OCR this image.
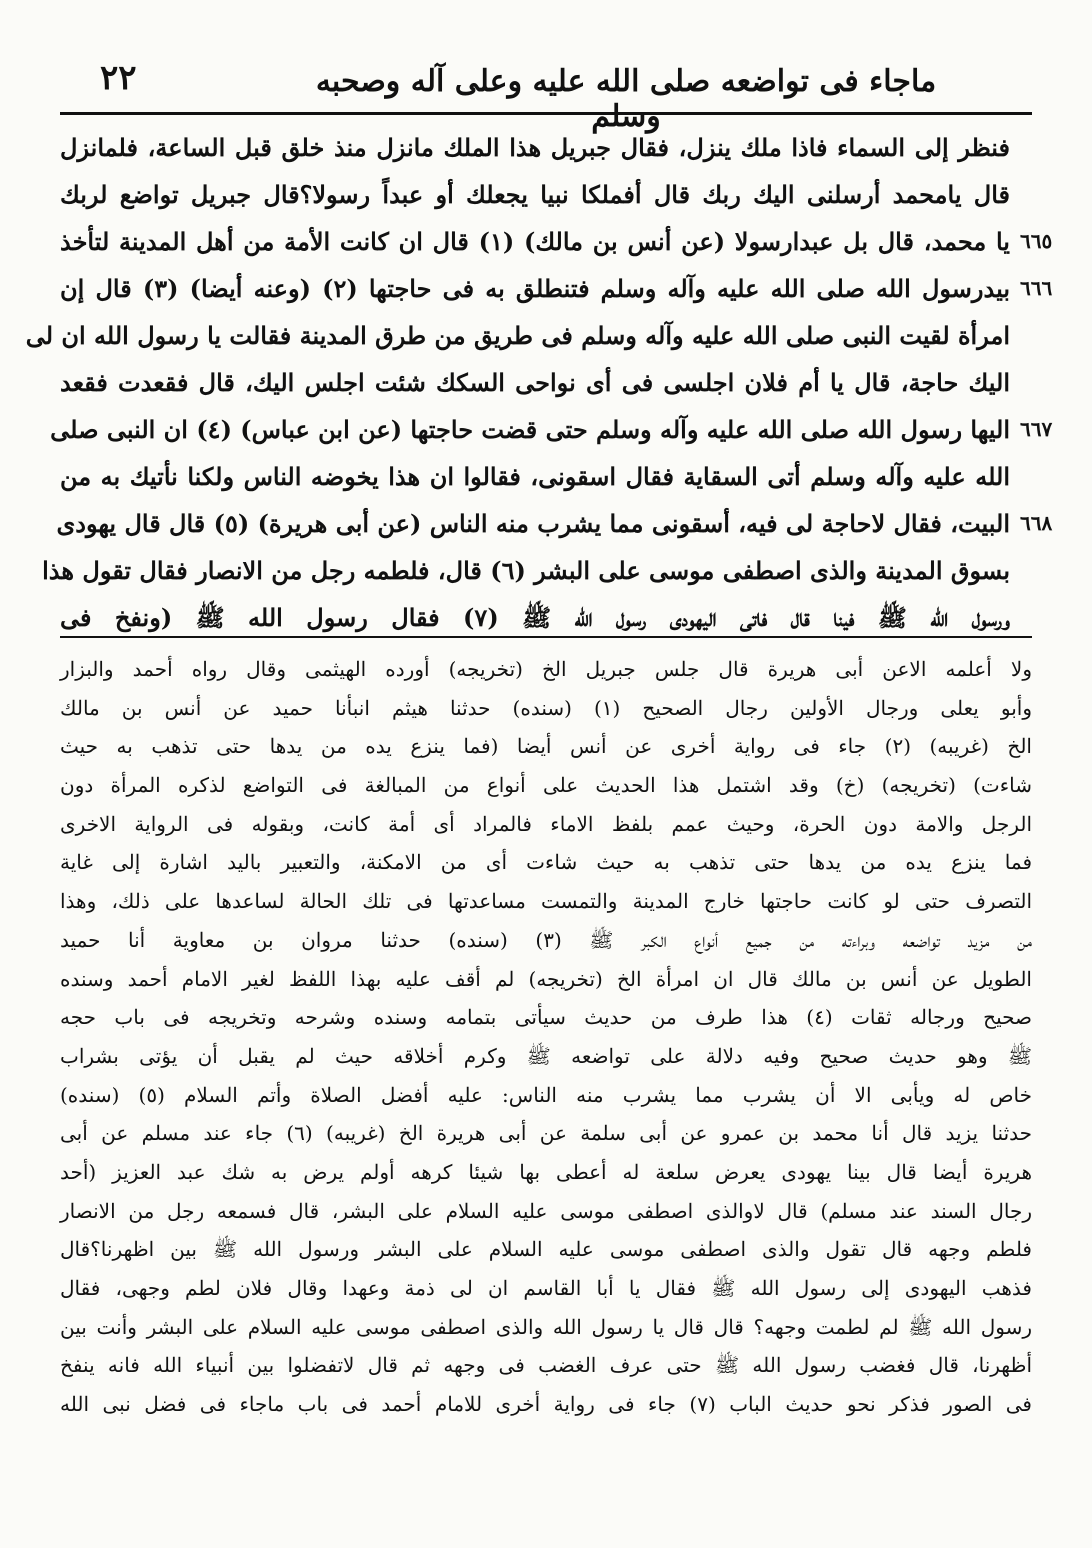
٢٢	ماجاء فى تواضعه صلى الله عليه وعلى آله وصحبه وسلم
فنظر إلى السماء فاذا ملك ينزل، فقال جبريل هذا الملك مانزل منذ خلق قبل الساعة، فلمانزل
قال يامحمد أرسلنى اليك ربك قال أفملكا نبيا يجعلك أو عبداً رسولا؟قال جبريل تواضع لربك
يا محمد، قال بل عبدارسولا (عن أنس بن مالك) (١) قال ان كانت الأمة من أهل المدينة لتأخذ ٦٦٥
بيدرسول الله صلى الله عليه وآله وسلم فتنطلق به فى حاجتها (٢) (وعنه أيضا) (٣) قال إن ٦٦٦
امرأة لقيت النبى صلى الله عليه وآله وسلم فى طريق من طرق المدينة فقالت يا رسول الله ان لى
اليك حاجة، قال يا أم فلان اجلسى فى أى نواحى السكك شئت اجلس اليك، قال فقعدت فقعد
اليها رسول الله صلى الله عليه وآله وسلم حتى قضت حاجتها (عن ابن عباس) (٤) ان النبى صلى ٦٦٧
الله عليه وآله وسلم أتى السقاية فقال اسقونى، فقالوا ان هذا يخوضه الناس ولكنا نأتيك به من
البيت، فقال لاحاجة لى فيه، أسقونى مما يشرب منه الناس (عن أبى هريرة) (٥) قال قال يهودى ٦٦٨
بسوق المدينة والذى اصطفى موسى على البشر (٦) قال، فلطمه رجل من الانصار فقال تقول هذا
ورسول الله ﷺ فينا قال فاتى اليهودى رسول الله ﷺ (٧) فقال رسول الله ﷺ (ونفخ فى
ولا أعلمه الاعن أبى هريرة قال جلس جبريل الخ (تخريجه) أورده الهيثمى وقال رواه أحمد والبزار
وأبو يعلى ورجال الأولين رجال الصحيح (١) (سنده) حدثنا هيثم انبأنا حميد عن أنس بن مالك
الخ (غريبه) (٢) جاء فى رواية أخرى عن أنس أيضا (فما ينزع يده من يدها حتى تذهب به حيث
شاءت) (تخريجه) (خ) وقد اشتمل هذا الحديث على أنواع من المبالغة فى التواضع لذكره المرأة دون
الرجل والامة دون الحرة، وحيث عمم بلفظ الاماء فالمراد أى أمة كانت، وبقوله فى الرواية الاخرى
فما ينزع يده من يدها حتى تذهب به حيث شاءت أى من الامكنة، والتعبير باليد اشارة إلى غاية
التصرف حتى لو كانت حاجتها خارج المدينة والتمست مساعدتها فى تلك الحالة لساعدها على ذلك، وهذا
من مزيد تواضعه وبراءته من جميع أنواع الكبر ﷺ (٣) (سنده) حدثنا مروان بن معاوية أنا حميد
الطويل عن أنس بن مالك قال ان امرأة الخ (تخريجه) لم أقف عليه بهذا اللفظ لغير الامام أحمد وسنده
صحيح ورجاله ثقات (٤) هذا طرف من حديث سيأتى بتمامه وسنده وشرحه وتخريجه فى باب حجه
ﷺ وهو حديث صحيح وفيه دلالة على تواضعه ﷺ وكرم أخلاقه حيث لم يقبل أن يؤتى بشراب
خاص له ويأبى الا أن يشرب مما يشرب منه الناس: عليه أفضل الصلاة وأتم السلام (٥) (سنده)
حدثنا يزيد قال أنا محمد بن عمرو عن أبى سلمة عن أبى هريرة الخ (غريبه) (٦) جاء عند مسلم عن أبى
هريرة أيضا قال بينا يهودى يعرض سلعة له أعطى بها شيئا كرهه أولم يرض به شك عبد العزيز (أحد
رجال السند عند مسلم) قال لاوالذى اصطفى موسى عليه السلام على البشر، قال فسمعه رجل من الانصار
فلطم وجهه قال تقول والذى اصطفى موسى عليه السلام على البشر ورسول الله ﷺ بين اظهرنا؟قال
فذهب اليهودى إلى رسول الله ﷺ فقال يا أبا القاسم ان لى ذمة وعهدا وقال فلان لطم وجهى، فقال
رسول الله ﷺ لم لطمت وجهه؟ قال قال يا رسول الله والذى اصطفى موسى عليه السلام على البشر وأنت بين
أظهرنا، قال فغضب رسول الله ﷺ حتى عرف الغضب فى وجهه ثم قال لاتفضلوا بين أنبياء الله فانه ينفخ
فى الصور فذكر نحو حديث الباب (٧) جاء فى رواية أخرى للامام أحمد فى باب ماجاء فى فضل نبى الله
